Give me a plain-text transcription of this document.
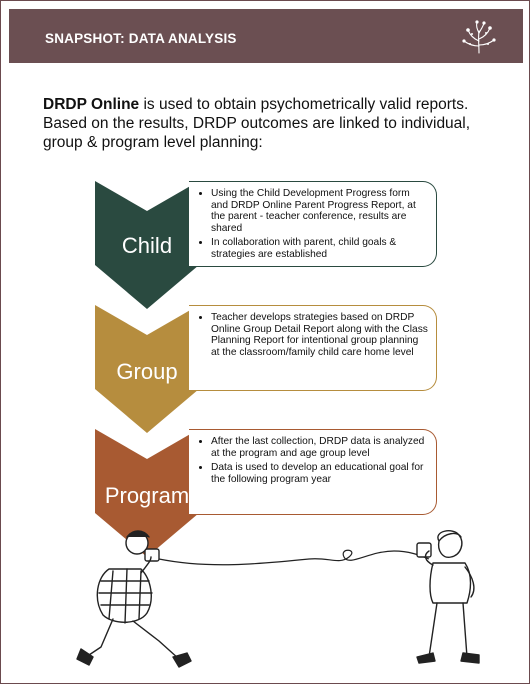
SNAPSHOT: DATA ANALYSIS
DRDP Online is used to obtain psychometrically valid reports. Based on the results, DRDP outcomes are linked to individual, group & program level planning:
Child
• Using the Child Development Progress form and DRDP Online Parent Progress Report, at the parent - teacher conference, results are shared
• In collaboration with parent, child goals & strategies are established
Group
• Teacher develops strategies based on DRDP Online Group Detail Report along with the Class Planning Report for intentional group planning at the classroom/family child care home level
Program
• After the last collection, DRDP data is analyzed at the program and age group level
• Data is used to develop an educational goal for the following program year
